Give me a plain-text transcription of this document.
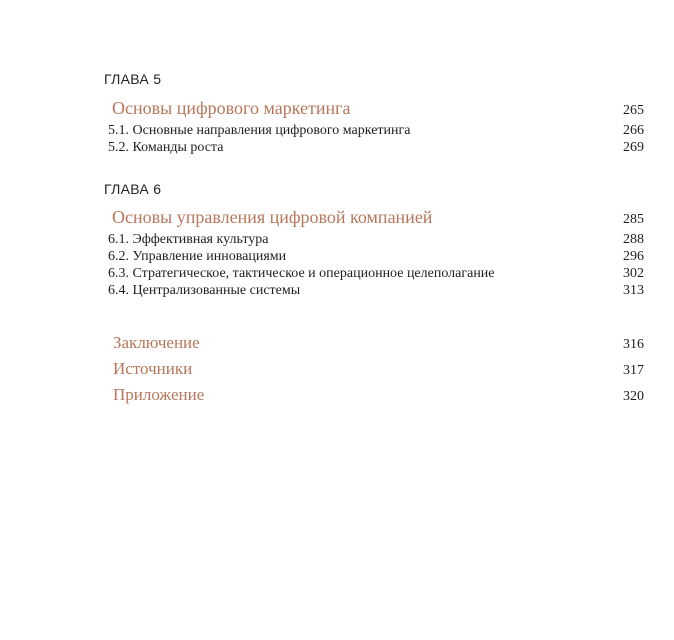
ГЛАВА 5
Основы цифрового маркетинга	265
5.1. Основные направления цифрового маркетинга	266
5.2. Команды роста	269
ГЛАВА 6
Основы управления цифровой компанией	285
6.1. Эффективная культура	288
6.2. Управление инновациями	296
6.3. Стратегическое, тактическое и операционное целеполагание	302
6.4. Централизованные системы	313
Заключение	316
Источники	317
Приложение	320
